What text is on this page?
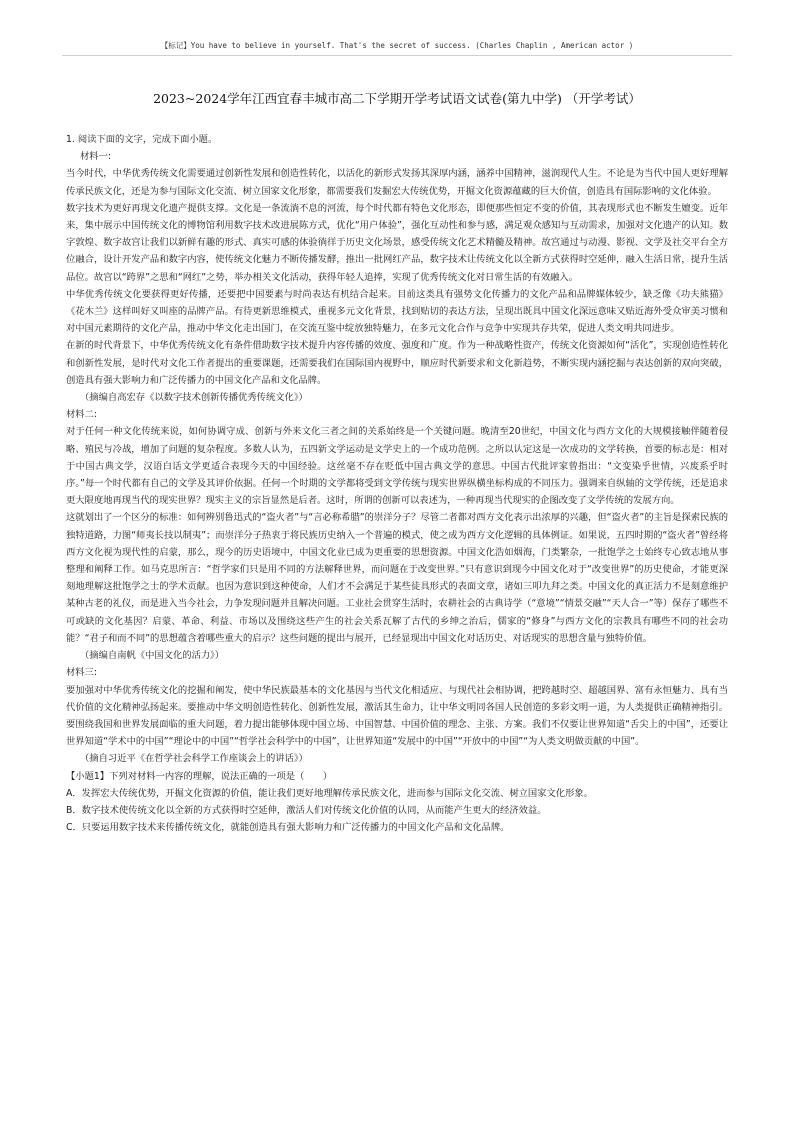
【标记】You have to believe in yourself. That's the secret of success. (Charles Chaplin , American actor )
2023~2024学年江西宜春丰城市高二下学期开学考试语文试卷(第九中学) （开学考试）

1. 阅读下面的文字，完成下面小题。

材料一:

当今时代，中华优秀传统文化需要通过创新性发展和创造性转化，以活化的新形式发扬其深厚内涵，涵养中国精神，滋润现代人生。不论是为当代中国人更好理解传承民族文化，还是为参与国际文化交流、树立国家文化形象，都需要我们发掘宏大传统优势，开掘文化资源蕴藏的巨大价值，创造具有国际影响的文化体验。

数字技术为更好再现文化遗产提供支撑。文化是一条流淌不息的河流，每个时代都有特色文化形态，即便那些恒定不变的价值，其表现形式也不断发生嬗变。近年来，集中展示中国传统文化的博物馆利用数字技术改进展陈方式，优化“用户体验”，强化互动性和参与感，满足观众感知与互动需求，加强对文化遗产的认知。数字敦煌、数字故宫让我们以新鲜有趣的形式、真实可感的体验徜徉于历史文化场景，感受传统文化艺术精髓及精神。故宫通过与动漫、影视、文学及社交平台全方位融合，设计开发产品和数字内容，使传统文化魅力不断传播发酵，推出一批网红产品，数字技术让传统文化以全新方式获得时空延伸，融入生活日常，提升生活品位。故宫以“跨界”之思和“网红”之势，举办相关文化活动，获得年轻人追捧，实现了优秀传统文化对日常生活的有效融入。

中华优秀传统文化要获得更好传播，还要把中国要素与时尚表达有机结合起来。目前这类具有强势文化传播力的文化产品和品牌媒体较少，缺乏像《功夫熊猫》《花木兰》这样叫好又叫座的品牌产品。有待更新思维模式，重视多元文化背景，找到贴切的表达方法，呈现出既具中国文化深远意味又贴近海外受众审美习惯和对中国元素期待的文化产品，推动中华文化走出国门，在交流互鉴中绽放独特魅力，在多元文化合作与竞争中实现共存共荣，促进人类文明共同进步。

在新的时代背景下，中华优秀传统文化有条件借助数字技术提升内容传播的效度、强度和广度。作为一种战略性资产，传统文化资源如何“活化”，实现创造性转化和创新性发展，是时代对文化工作者提出的重要课题，还需要我们在国际国内视野中，顺应时代新要求和文化新趋势，不断实现内涵挖掘与表达创新的双向突破，创造具有强大影响力和广泛传播力的中国文化产品和文化品牌。

（摘编自高宏存《以数字技术创新传播优秀传统文化》）

材料二:

对于任何一种文化传统来说，如何协调守成、创新与外来文化三者之间的关系始终是一个关键问题。晚清至20世纪，中国文化与西方文化的大规模接触伴随着侵略、殖民与冷战，增加了问题的复杂程度。多数人认为，五四新文学运动是文学史上的一个成功范例。之所以认定这是一次成功的文学转换，首要的标志是：相对于中国古典文学，汉语白话文学更适合表现今天的中国经验。这丝毫不存在贬低中国古典文学的意思。中国古代批评家曾指出：“文变染乎世情，兴废系乎时序。”每一个时代都有自己的文学及其评价依据。任何一个时期的文学都将受到文学传统与现实世界纵横坐标构成的不同压力。强调来自纵轴的文学传统，还是追求更大限度地再现当代的现实世界？现实主义的宗旨显然是后者。这时，所谓的创新可以表述为，一种再现当代现实的企图改变了文学传统的发展方向。

这就划出了一个区分的标准：如何辨别鲁迅式的“盗火者”与“言必称希腊”的崇洋分子？尽管二者都对西方文化表示出浓厚的兴趣，但“盗火者”的主旨是探索民族的独特道路，力图“师夷长技以制夷”；而崇洋分子热衷于将民族历史纳入一个普遍的模式，使之成为西方文化逻辑的具体例证。如果说，五四时期的“盗火者”曾经将西方文化视为现代性的启蒙，那么，现今的历史语境中，中国文化业已成为更重要的思想资源。中国文化浩如烟海，门类繁杂，一批饱学之士始终专心致志地从事整理和阐释工作。如马克思所言：“哲学家们只是用不同的方法解释世界，而问题在于改变世界。”只有意识到现今中国文化对于“改变世界”的历史使命，才能更深刻地理解这批饱学之士的学术贡献。也因为意识到这种使命，人们才不会满足于某些徒具形式的表面文章，诸如三叩九拜之类。中国文化的真正活力不是刻意维护某种古老的礼仪，而是进入当今社会，力争发现问题并且解决问题。工业社会贯穿生活时，农耕社会的古典诗学（“意境”“情景交融”“天人合一”等）保存了哪些不可或缺的文化基因？启蒙、革命、利益、市场以及围绕这些产生的社会关系瓦解了古代的乡绅之治后，儒家的“修身”与西方文化的宗教具有哪些不同的社会功能？“君子和而不同”的思想蕴含着哪些重大的启示？这些问题的提出与展开，已经显现出中国文化对话历史、对话现实的思想含量与独特价值。

（摘编自南帆《中国文化的活力》）

材料三:

要加强对中华优秀传统文化的挖掘和阐发，使中华民族最基本的文化基因与当代文化相适应、与现代社会相协调，把跨越时空、超越国界、富有永恒魅力、具有当代价值的文化精神弘扬起来。要推动中华文明创造性转化、创新性发展，激活其生命力，让中华文明同各国人民创造的多彩文明一道，为人类提供正确精神指引。要围绕我国和世界发展面临的重大问题，着力提出能够体现中国立场、中国智慧、中国价值的理念、主张、方案。我们不仅要让世界知道“舌尖上的中国”，还要让世界知道“学术中的中国”“理论中的中国”“哲学社会科学中的中国”，让世界知道“发展中的中国”“开放中的中国”“为人类文明做贡献的中国”。

（摘自习近平《在哲学社会科学工作座谈会上的讲话》）

【小题1】下列对材料一内容的理解，说法正确的一项是（　　）

A．发挥宏大传统优势，开掘文化资源的价值，能让我们更好地理解传承民族文化，进而参与国际文化交流、树立国家文化形象。

B．数字技术使传统文化以全新的方式获得时空延伸，激活人们对传统文化价值的认同，从而能产生更大的经济效益。

C．只要运用数字技术来传播传统文化，就能创造具有强大影响力和广泛传播力的中国文化产品和文化品牌。
